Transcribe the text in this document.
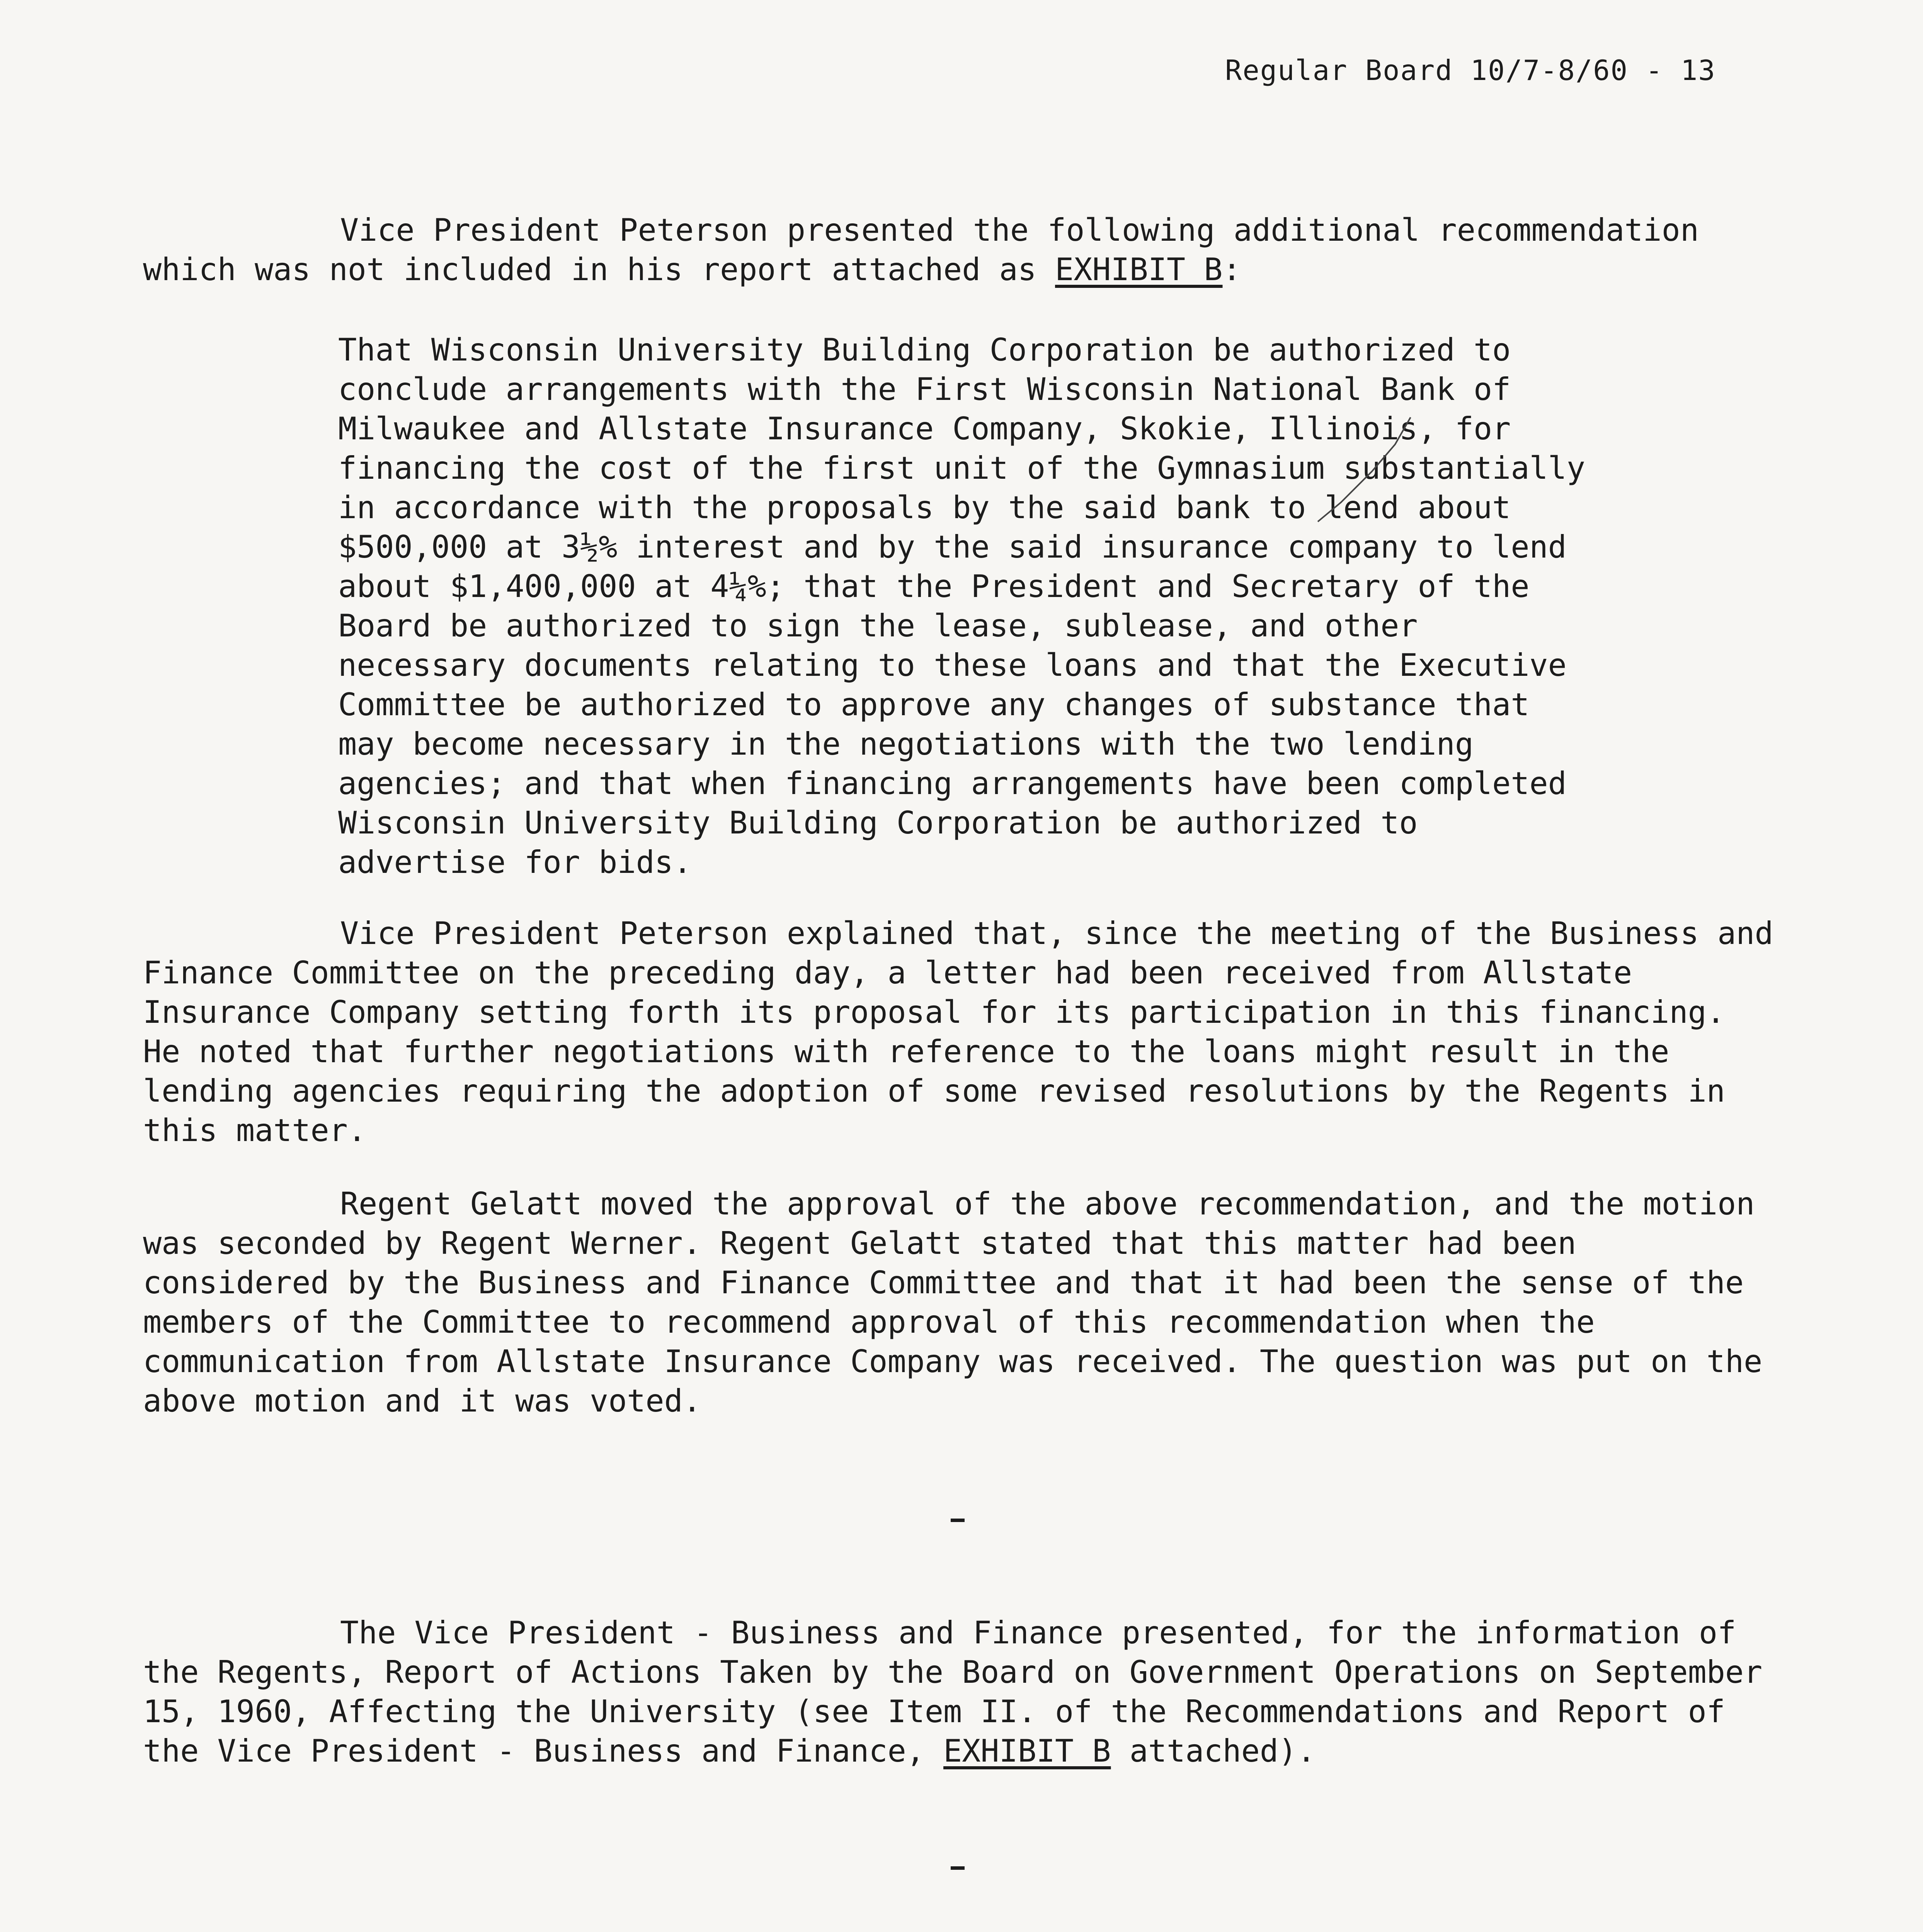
Regular Board 10/7-8/60 - 13

Vice President Peterson presented the following additional recommendation which was not included in his report attached as EXHIBIT B:

That Wisconsin University Building Corporation be authorized to conclude arrangements with the First Wisconsin National Bank of Milwaukee and Allstate Insurance Company, Skokie, Illinois, for financing the cost of the first unit of the Gymnasium substantially in accordance with the proposals by the said bank to lend about $500,000 at 3½% interest and by the said insurance company to lend about $1,400,000 at 4¼%; that the President and Secretary of the Board be authorized to sign the lease, sublease, and other necessary documents relating to these loans and that the Executive Committee be authorized to approve any changes of substance that may become necessary in the negotiations with the two lending agencies; and that when financing arrangements have been completed Wisconsin University Building Corporation be authorized to advertise for bids.

Vice President Peterson explained that, since the meeting of the Business and Finance Committee on the preceding day, a letter had been received from Allstate Insurance Company setting forth its proposal for its participation in this financing. He noted that further negotiations with reference to the loans might result in the lending agencies requiring the adoption of some revised resolutions by the Regents in this matter.

Regent Gelatt moved the approval of the above recommendation, and the motion was seconded by Regent Werner. Regent Gelatt stated that this matter had been considered by the Business and Finance Committee and that it had been the sense of the members of the Committee to recommend approval of this recommendation when the communication from Allstate Insurance Company was received. The question was put on the above motion and it was voted.

The Vice President - Business and Finance presented, for the information of the Regents, Report of Actions Taken by the Board on Government Operations on September 15, 1960, Affecting the University (see Item II. of the Recommendations and Report of the Vice President - Business and Finance, EXHIBIT B attached).
